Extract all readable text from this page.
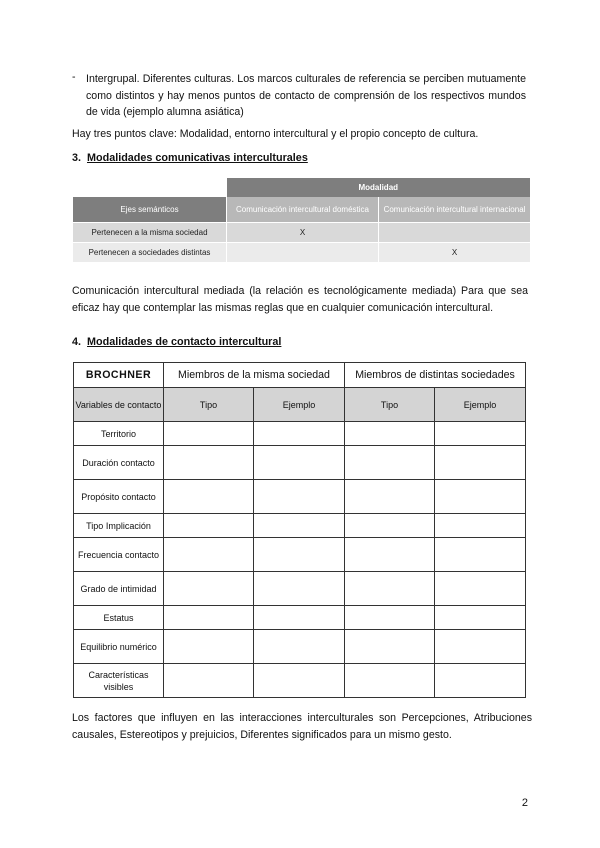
- Intergrupal. Diferentes culturas. Los marcos culturales de referencia se perciben mutuamente como distintos y hay menos puntos de contacto de comprensión de los respectivos mundos de vida (ejemplo alumna asiática)
Hay tres puntos clave: Modalidad, entorno intercultural y el propio concepto de cultura.
3. Modalidades comunicativas interculturales
	Modalidad	
Ejes semánticos	Comunicación intercultural doméstica	Comunicación intercultural internacional
Pertenecen a la misma sociedad	X	
Pertenecen a sociedades distintas		X
Comunicación intercultural mediada (la relación es tecnológicamente mediada) Para que sea eficaz hay que contemplar las mismas reglas que en cualquier comunicación intercultural.
4. Modalidades de contacto intercultural
BROCHNER	Miembros de la misma sociedad		Miembros de distintas sociedades	
Variables de contacto	Tipo	Ejemplo	Tipo	Ejemplo
Territorio				
Duración contacto				
Propósito contacto				
Tipo Implicación				
Frecuencia contacto				
Grado de intimidad				
Estatus				
Equilibrio numérico				
Características visibles				
Los factores que influyen en las interacciones interculturales son Percepciones, Atribuciones causales, Estereotipos y prejuicios, Diferentes significados para un mismo gesto.
2
